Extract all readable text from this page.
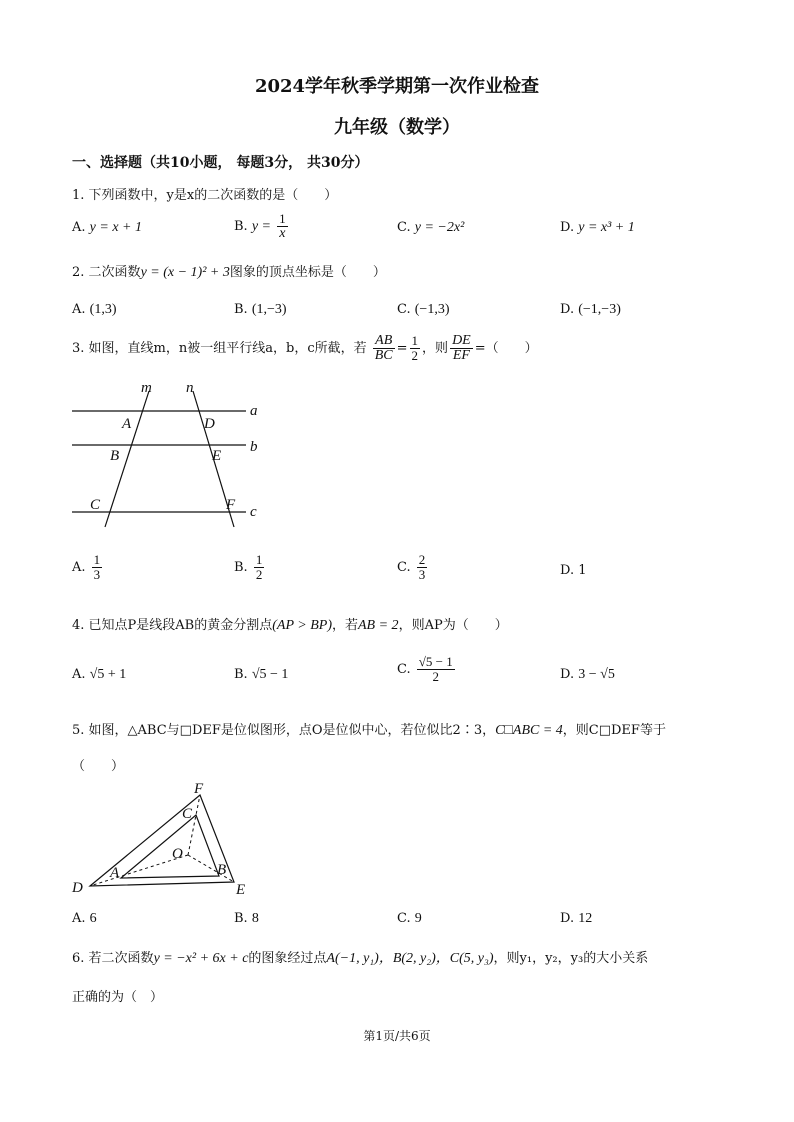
2024学年秋季学期第一次作业检查
九年级（数学）
一、选择题（共10小题， 每题3分， 共30分）
1. 下列函数中，y是x的二次函数的是（　　）
A. y = x + 1	B. $y = \frac{1}{x}$	C. y = −2x²	D. y = x³ + 1
2. 二次函数y = (x − 1)² + 3图象的顶点坐标是（　　）
A. (1,3)	B. (1,−3)	C. (−1,3)	D. (−1,−3)
3. 如图，直线m，n被一组平行线a，b，c所截，若 $\frac{AB}{BC} = \frac{1}{2}$ ，则 $\frac{DE}{EF}$ =（　　）
m n
a
b
c
A	D
B	E
C	F
A. $\frac{1}{3}$	B. $\frac{1}{2}$	C. $\frac{2}{3}$	D. 1
4. 已知点P是线段AB的黄金分割点(AP > BP)，若AB = 2，则AP为（　　）
A. √5 + 1	B. √5 − 1	C. $\frac{√5 - 1}{2}$	D. 3 − √5
5. 如图，△ABC与□DEF是位似图形，点O是位似中心，若位似比2∶3，C□ABC = 4，则C□DEF等于
（　　）
F
C
O
A	B
D	E
A. 6	B. 8	C. 9	D. 12
6. 若二次函数y = −x² + 6x + c的图象经过点A(−1, y₁)，B(2, y₂)，C(5, y₃)，则y₁，y₂，y₃的大小关系
正确的为（　）
第1页/共6页
